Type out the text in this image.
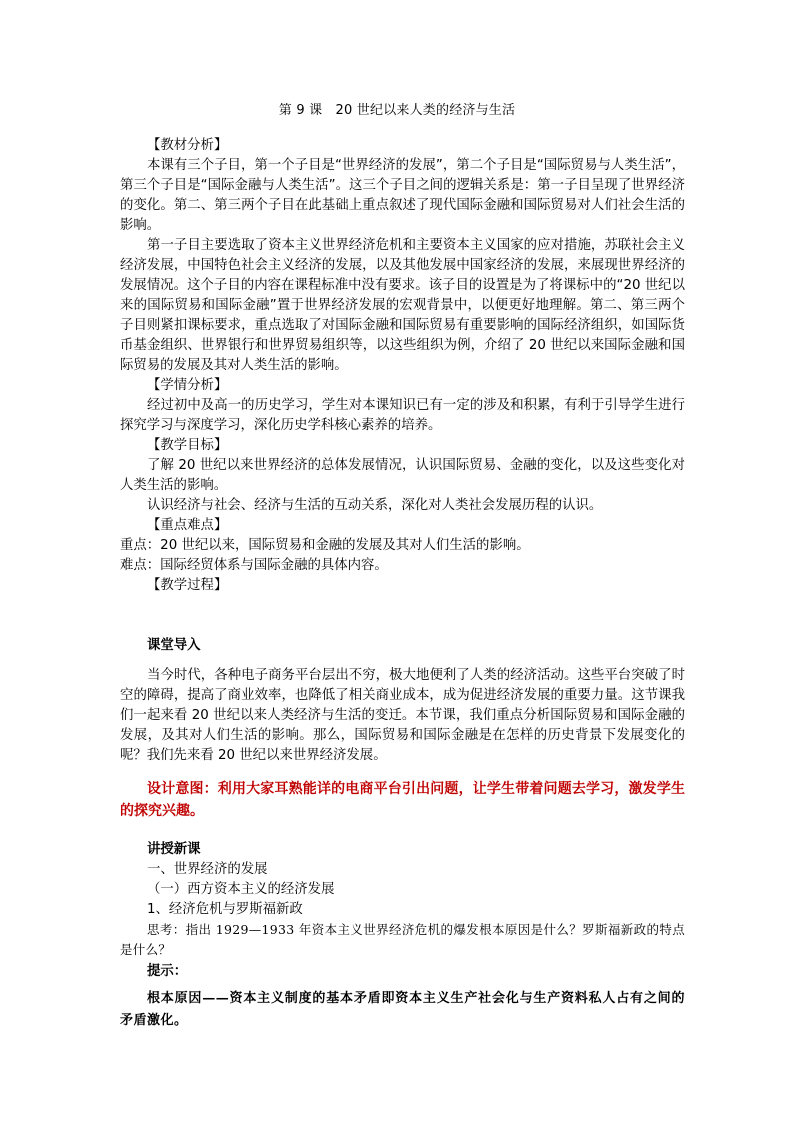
第 9 课　20 世纪以来人类的经济与生活

【教材分析】

本课有三个子目，第一个子目是“世界经济的发展”，第二个子目是“国际贸易与人类生活”，第三个子目是“国际金融与人类生活”。这三个子目之间的逻辑关系是：第一子目呈现了世界经济的变化。第二、第三两个子目在此基础上重点叙述了现代国际金融和国际贸易对人们社会生活的影响。

第一子目主要选取了资本主义世界经济危机和主要资本主义国家的应对措施，苏联社会主义经济发展，中国特色社会主义经济的发展，以及其他发展中国家经济的发展，来展现世界经济的发展情况。这个子目的内容在课程标准中没有要求。该子目的设置是为了将课标中的“20 世纪以来的国际贸易和国际金融”置于世界经济发展的宏观背景中，以便更好地理解。第二、第三两个子目则紧扣课标要求，重点选取了对国际金融和国际贸易有重要影响的国际经济组织，如国际货币基金组织、世界银行和世界贸易组织等，以这些组织为例，介绍了 20 世纪以来国际金融和国际贸易的发展及其对人类生活的影响。

【学情分析】

经过初中及高一的历史学习，学生对本课知识已有一定的涉及和积累，有利于引导学生进行探究学习与深度学习，深化历史学科核心素养的培养。

【教学目标】

了解 20 世纪以来世界经济的总体发展情况，认识国际贸易、金融的变化，以及这些变化对人类生活的影响。

认识经济与社会、经济与生活的互动关系，深化对人类社会发展历程的认识。

【重点难点】

重点：20 世纪以来，国际贸易和金融的发展及其对人们生活的影响。

难点：国际经贸体系与国际金融的具体内容。

【教学过程】

课堂导入

当今时代，各种电子商务平台层出不穷，极大地便利了人类的经济活动。这些平台突破了时空的障碍，提高了商业效率，也降低了相关商业成本，成为促进经济发展的重要力量。这节课我们一起来看 20 世纪以来人类经济与生活的变迁。本节课，我们重点分析国际贸易和国际金融的发展，及其对人们生活的影响。那么，国际贸易和国际金融是在怎样的历史背景下发展变化的呢？我们先来看 20 世纪以来世界经济发展。

设计意图：利用大家耳熟能详的电商平台引出问题，让学生带着问题去学习，激发学生的探究兴趣。

讲授新课

一、世界经济的发展

（一）西方资本主义的经济发展

1、经济危机与罗斯福新政

思考：指出 1929—1933 年资本主义世界经济危机的爆发根本原因是什么？罗斯福新政的特点是什么？

提示：

根本原因——资本主义制度的基本矛盾即资本主义生产社会化与生产资料私人占有之间的矛盾激化。
